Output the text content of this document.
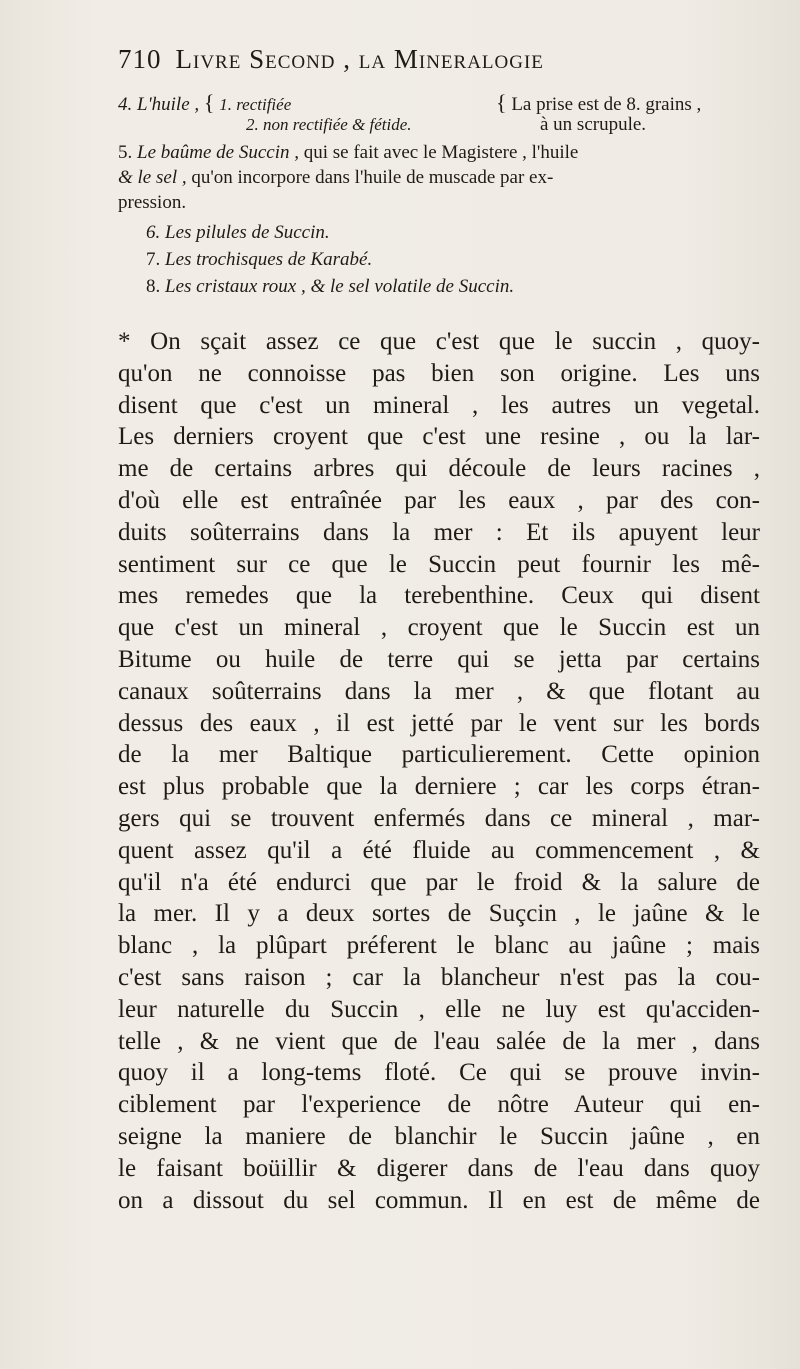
710 Livre Second , la Mineralogie
4. L'huile , { 1. rectifiée	{ La prise est de 8. grains ,
2. non rectifiée & fétide.	à un scrupule.
5. Le baûme de Succin , qui se fait avec le Magistere , l'huile
& le sel , qu'on incorpore dans l'huile de muscade par ex-
pression.
6. Les pilules de Succin.
7. Les trochisques de Karabé.
8. Les cristaux roux , & le sel volatile de Succin.
* On sçait assez ce que c'est que le succin , quoy-
qu'on ne connoisse pas bien son origine. Les uns
disent que c'est un mineral , les autres un vegetal.
Les derniers croyent que c'est une resine , ou la lar-
me de certains arbres qui découle de leurs racines ,
d'où elle est entraînée par les eaux , par des con-
duits soûterrains dans la mer : Et ils apuyent leur
sentiment sur ce que le Succin peut fournir les mê-
mes remedes que la terebenthine. Ceux qui disent
que c'est un mineral , croyent que le Succin est un
Bitume ou huile de terre qui se jetta par certains
canaux soûterrains dans la mer , & que flotant au
dessus des eaux , il est jetté par le vent sur les bords
de la mer Baltique particulierement. Cette opinion
est plus probable que la derniere ; car les corps étran-
gers qui se trouvent enfermés dans ce mineral , mar-
quent assez qu'il a été fluide au commencement , &
qu'il n'a été endurci que par le froid & la salure de
la mer. Il y a deux sortes de Suçcin , le jaûne & le
blanc , la plûpart préferent le blanc au jaûne ; mais
c'est sans raison ; car la blancheur n'est pas la cou-
leur naturelle du Succin , elle ne luy est qu'acciden-
telle , & ne vient que de l'eau salée de la mer , dans
quoy il a long-tems floté. Ce qui se prouve invin-
ciblement par l'experience de nôtre Auteur qui en-
seigne la maniere de blanchir le Succin jaûne , en
le faisant boüillir & digerer dans de l'eau dans quoy
on a dissout du sel commun. Il en est de même de
